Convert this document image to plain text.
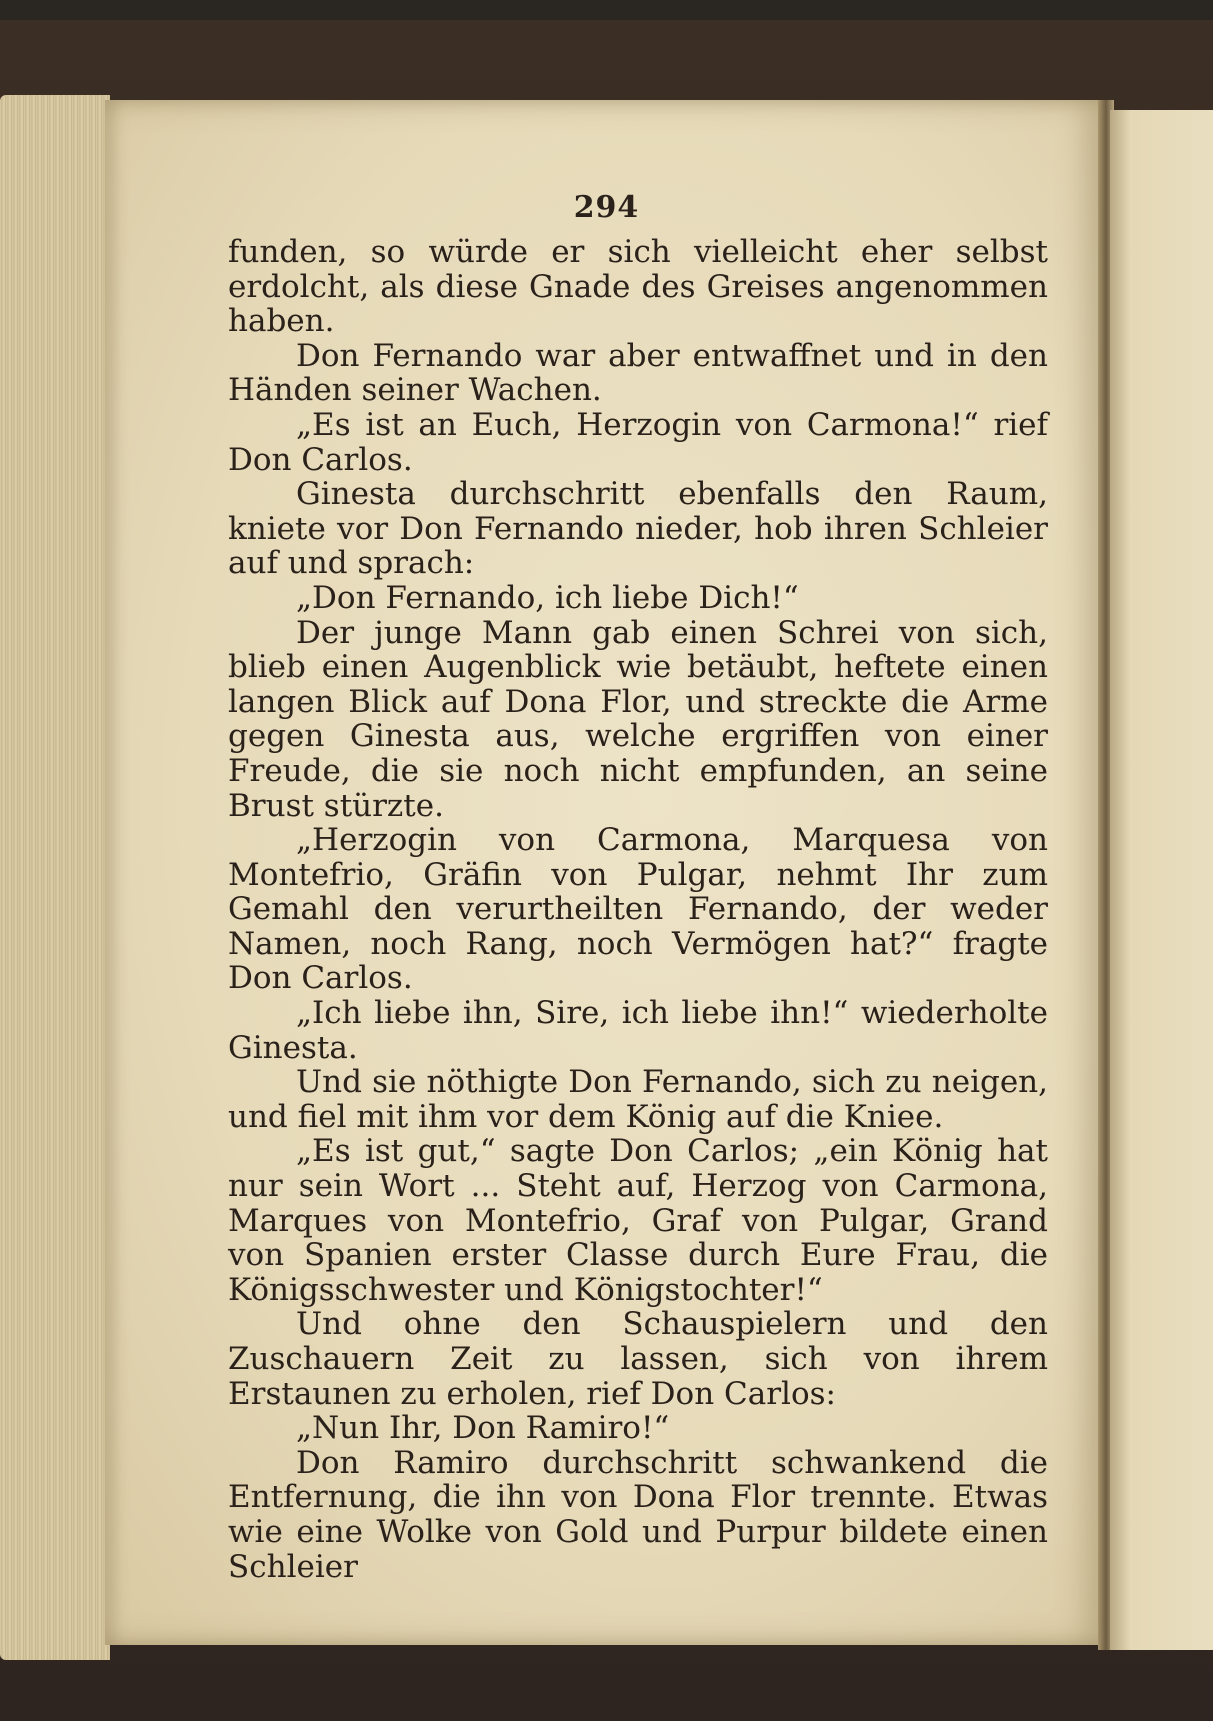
294

funden, so würde er sich vielleicht eher selbst erdolcht, als diese Gnade des Greises angenommen haben.

Don Fernando war aber entwaffnet und in den Händen seiner Wachen.

„Es ist an Euch, Herzogin von Carmona!“ rief Don Carlos.

Ginesta durchschritt ebenfalls den Raum, kniete vor Don Fernando nieder, hob ihren Schleier auf und sprach:

„Don Fernando, ich liebe Dich!“

Der junge Mann gab einen Schrei von sich, blieb einen Augenblick wie betäubt, heftete einen langen Blick auf Dona Flor, und streckte die Arme gegen Ginesta aus, welche ergriffen von einer Freude, die sie noch nicht empfunden, an seine Brust stürzte.

„Herzogin von Carmona, Marquesa von Montefrio, Gräfin von Pulgar, nehmt Ihr zum Gemahl den verurtheilten Fernando, der weder Namen, noch Rang, noch Vermögen hat?“ fragte Don Carlos.

„Ich liebe ihn, Sire, ich liebe ihn!“ wiederholte Ginesta.

Und sie nöthigte Don Fernando, sich zu neigen, und fiel mit ihm vor dem König auf die Kniee.

„Es ist gut,“ sagte Don Carlos; „ein König hat nur sein Wort ... Steht auf, Herzog von Carmona, Marques von Montefrio, Graf von Pulgar, Grand von Spanien erster Classe durch Eure Frau, die Königsschwester und Königstochter!“

Und ohne den Schauspielern und den Zuschauern Zeit zu lassen, sich von ihrem Erstaunen zu erholen, rief Don Carlos:

„Nun Ihr, Don Ramiro!“

Don Ramiro durchschritt schwankend die Entfernung, die ihn von Dona Flor trennte. Etwas wie eine Wolke von Gold und Purpur bildete einen Schleier
